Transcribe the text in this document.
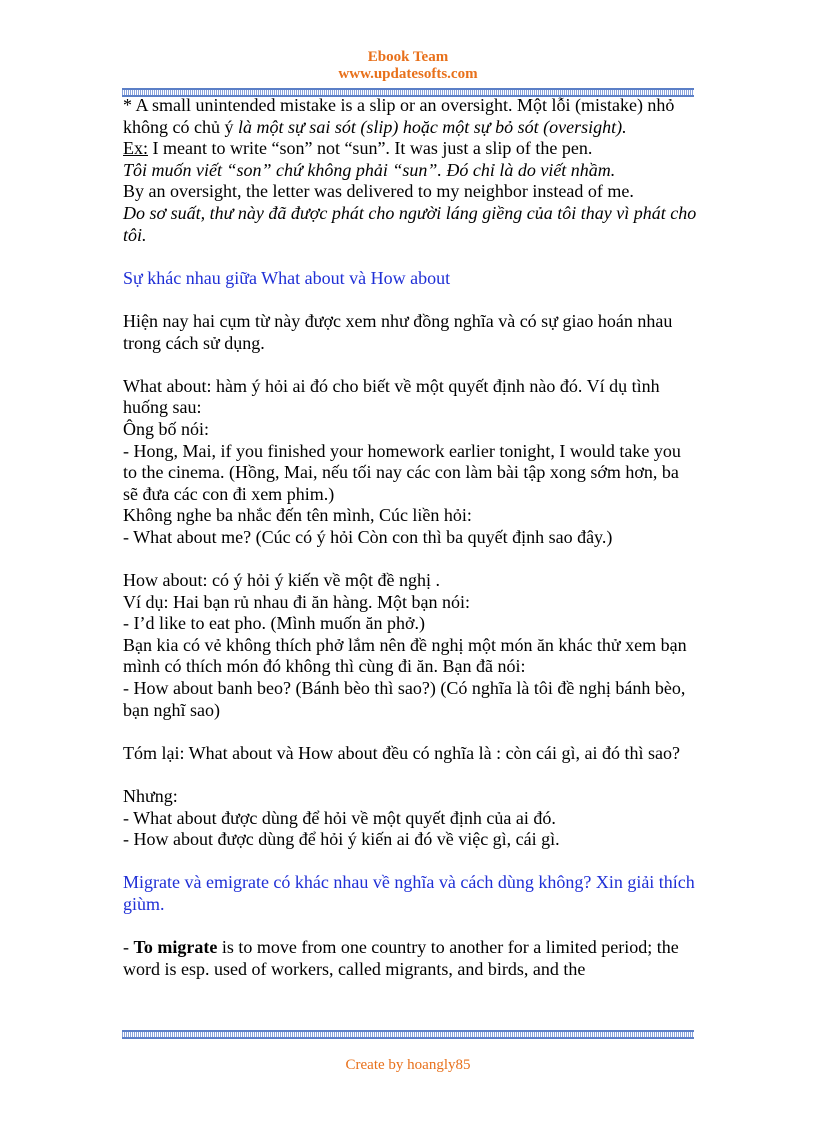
Ebook Team
www.updatesofts.com

* A small unintended mistake is a slip or an oversight. Một lỗi (mistake) nhỏ không có chủ ý là một sự sai sót (slip) hoặc một sự bỏ sót (oversight).

Ex: I meant to write “son” not “sun”. It was just a slip of the pen.

Tôi muốn viết “son” chứ không phải “sun”. Đó chỉ là do viết nhầm.

By an oversight, the letter was delivered to my neighbor instead of me.

Do sơ suất, thư này đã được phát cho người láng giềng của tôi thay vì phát cho tôi.

Sự khác nhau giữa What about và How about

Hiện nay hai cụm từ này được xem như đồng nghĩa và có sự giao hoán nhau trong cách sử dụng.

What about: hàm ý hỏi ai đó cho biết về một quyết định nào đó. Ví dụ tình huống sau:

Ông bố nói:

- Hong, Mai, if you finished your homework earlier tonight, I would take you to the cinema. (Hồng, Mai, nếu tối nay các con làm bài tập xong sớm hơn, ba sẽ đưa các con đi xem phim.)

Không nghe ba nhắc đến tên mình, Cúc liền hỏi:

- What about me? (Cúc có ý hỏi Còn con thì ba quyết định sao đây.)

How about: có ý hỏi ý kiến về một đề nghị .

Ví dụ: Hai bạn rủ nhau đi ăn hàng. Một bạn nói:

- I’d like to eat pho. (Mình muốn ăn phở.)

Bạn kia có vẻ không thích phở lắm nên đề nghị một món ăn khác thử xem bạn mình có thích món đó không thì cùng đi ăn. Bạn đã nói:

- How about banh beo? (Bánh bèo thì sao?) (Có nghĩa là tôi đề nghị bánh bèo, bạn nghĩ sao)

Tóm lại: What about và How about đều có nghĩa là : còn cái gì, ai đó thì sao?

Nhưng:

- What about được dùng để hỏi về một quyết định của ai đó.

- How about được dùng để hỏi ý kiến ai đó về việc gì, cái gì.

Migrate và emigrate có khác nhau về nghĩa và cách dùng không? Xin giải thích giùm.

- To migrate is to move from one country to another for a limited period; the word is esp. used of workers, called migrants, and birds, and the

Create by hoangly85
